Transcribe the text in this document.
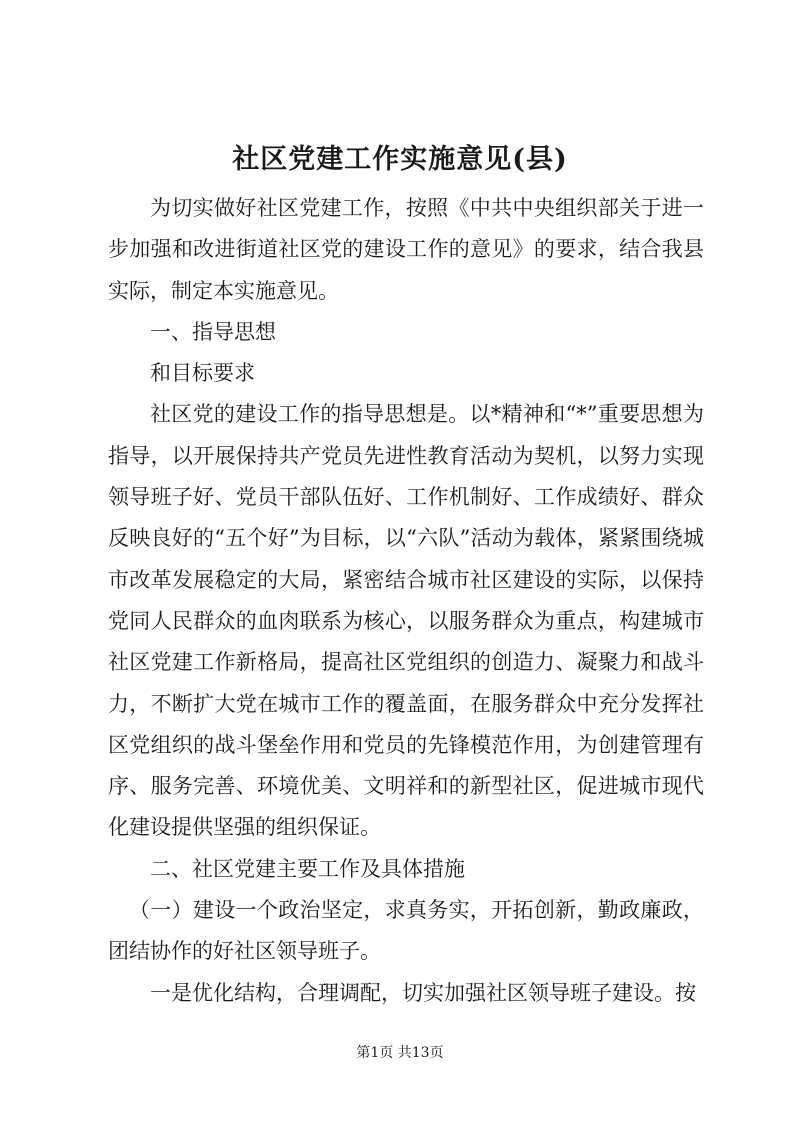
社区党建工作实施意见(县)

为切实做好社区党建工作，按照《中共中央组织部关于进一步加强和改进街道社区党的建设工作的意见》的要求，结合我县实际，制定本实施意见。

一、指导思想

和目标要求

社区党的建设工作的指导思想是。以*精神和“*”重要思想为指导，以开展保持共产党员先进性教育活动为契机，以努力实现领导班子好、党员干部队伍好、工作机制好、工作成绩好、群众反映良好的“五个好”为目标，以“六队”活动为载体，紧紧围绕城市改革发展稳定的大局，紧密结合城市社区建设的实际，以保持党同人民群众的血肉联系为核心，以服务群众为重点，构建城市社区党建工作新格局，提高社区党组织的创造力、凝聚力和战斗力，不断扩大党在城市工作的覆盖面，在服务群众中充分发挥社区党组织的战斗堡垒作用和党员的先锋模范作用，为创建管理有序、服务完善、环境优美、文明祥和的新型社区，促进城市现代化建设提供坚强的组织保证。

二、社区党建主要工作及具体措施

（一）建设一个政治坚定，求真务实，开拓创新，勤政廉政，团结协作的好社区领导班子。

一是优化结构，合理调配，切实加强社区领导班子建设。按

第1页 共13页
